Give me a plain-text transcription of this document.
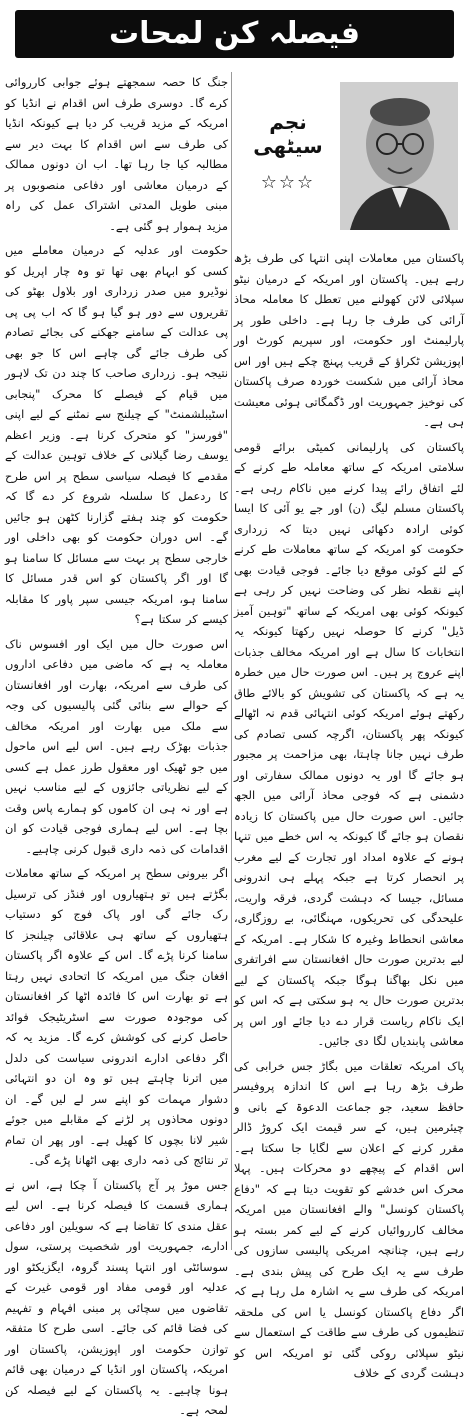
فیصلہ کن لمحات
نجم سیٹھی
☆☆☆

پاکستان میں معاملات اپنی انتہا کی طرف بڑھ رہے ہیں۔ پاکستان اور امریکہ کے درمیان نیٹو سپلائی لائن کھولنے میں تعطل کا معاملہ محاذ آرائی کی طرف جا رہا ہے۔ داخلی طور پر پارلیمنٹ اور حکومت، اور سپریم کورٹ اور اپوزیشن ٹکراؤ کے قریب پہنچ چکے ہیں اور اس محاذ آرائی میں شکست خوردہ صرف پاکستان کی نوخیز جمہوریت اور ڈگمگاتی ہوئی معیشت ہی ہے۔

پاکستان کی پارلیمانی کمیٹی برائے قومی سلامتی امریکہ کے ساتھ معاملہ طے کرنے کے لئے اتفاق رائے پیدا کرنے میں ناکام رہی ہے۔ پاکستان مسلم لیگ (ن) اور جے یو آئی کا ایسا کوئی ارادہ دکھائی نہیں دیتا کہ زرداری حکومت کو امریکہ کے ساتھ معاملات طے کرنے کے لئے کوئی موقع دیا جائے۔ فوجی قیادت بھی اپنے نقطہ نظر کی وضاحت نہیں کر رہی ہے کیونکہ کوئی بھی امریکہ کے ساتھ "توہین آمیز ڈیل" کرنے کا حوصلہ نہیں رکھتا کیونکہ یہ انتخابات کا سال ہے اور امریکہ مخالف جذبات اپنے عروج پر ہیں۔ اس صورت حال میں خطرہ یہ ہے کہ پاکستان کی تشویش کو بالائے طاق رکھتے ہوئے امریکہ کوئی انتہائی قدم نہ اٹھالے کیونکہ پھر پاکستان، اگرچہ کسی تصادم کی طرف نہیں جانا چاہتا، بھی مزاحمت پر مجبور ہو جائے گا اور یہ دونوں ممالک سفارتی اور دشمنی ہے کہ فوجی محاذ آرائی میں الجھ جائیں۔ اس صورت حال میں پاکستان کا زیادہ نقصان ہو جائے گا کیونکہ یہ اس خطے میں تنہا ہونے کے علاوہ امداد اور تجارت کے لیے مغرب پر انحصار کرتا ہے جبکہ پہلے ہی اندرونی مسائل، جیسا کہ دہشت گردی، فرقہ واریت، علیحدگی کی تحریکوں، مہنگائی، بے روزگاری، معاشی انحطاط وغیرہ کا شکار ہے۔ امریکہ کے لیے بدترین صورت حال افغانستان سے افراتفری میں نکل بھاگنا ہوگا جبکہ پاکستان کے لیے بدترین صورت حال یہ ہو سکتی ہے کہ اس کو ایک ناکام ریاست قرار دے دیا جائے اور اس پر معاشی پابندیاں لگا دی جائیں۔

پاک امریکہ تعلقات میں بگاڑ جس خرابی کی طرف بڑھ رہا ہے اس کا اندازہ پروفیسر حافظ سعید، جو جماعت الدعوۃ کے بانی و چیئرمین ہیں، کے سر قیمت ایک کروڑ ڈالر مقرر کرنے کے اعلان سے لگایا جا سکتا ہے۔ اس اقدام کے پیچھے دو محرکات ہیں۔ پہلا محرک اس خدشے کو تقویت دیتا ہے کہ "دفاع پاکستان کونسل" والے افغانستان میں امریکہ مخالف کارروائیاں کرنے کے لیے کمر بستہ ہو رہے ہیں، چنانچہ امریکی پالیسی سازوں کی طرف سے یہ ایک طرح کی پیش بندی ہے۔ امریکہ کی طرف سے یہ اشارہ مل رہا ہے کہ اگر دفاع پاکستان کونسل یا اس کی ملحقہ تنظیموں کی طرف سے طاقت کے استعمال سے نیٹو سپلائی روکی گئی تو امریکہ اس کو دہشت گردی کے خلاف

جنگ کا حصہ سمجھتے ہوئے جوابی کارروائی کرے گا۔ دوسری طرف اس اقدام نے انڈیا کو امریکہ کے مزید قریب کر دیا ہے کیونکہ انڈیا کی طرف سے اس اقدام کا بہت دیر سے مطالبہ کیا جا رہا تھا۔ اب ان دونوں ممالک کے درمیان معاشی اور دفاعی منصوبوں پر مبنی طویل المدتی اشتراک عمل کی راہ مزید ہموار ہو گئی ہے۔

حکومت اور عدلیہ کے درمیان معاملے میں کسی کو ابہام بھی تھا تو وہ چار اپریل کو نوڈیرو میں صدر زرداری اور بلاول بھٹو کی تقریروں سے دور ہو گیا ہو گا کہ اب پی پی پی عدالت کے سامنے جھکنے کی بجائے تصادم کی طرف جائے گی چاہے اس کا جو بھی نتیجہ ہو۔ زرداری صاحب کا چند دن تک لاہور میں قیام کے فیصلے کا محرک "پنجابی اسٹیبلشمنٹ" کے چیلنج سے نمٹنے کے لیے اپنی "فورسز" کو متحرک کرنا ہے۔ وزیر اعظم یوسف رضا گیلانی کے خلاف توہین عدالت کے مقدمے کا فیصلہ سیاسی سطح پر اس طرح کا ردعمل کا سلسلہ شروع کر دے گا کہ حکومت کو چند ہفتے گزارنا کٹھن ہو جائیں گے۔ اس دوران حکومت کو بھی داخلی اور خارجی سطح پر بہت سے مسائل کا سامنا ہو گا اور اگر پاکستان کو اس قدر مسائل کا سامنا ہو، امریکہ جیسی سپر پاور کا مقابلہ کیسے کر سکتا ہے؟

اس صورت حال میں ایک اور افسوس ناک معاملہ یہ ہے کہ ماضی میں دفاعی اداروں کی طرف سے امریکہ، بھارت اور افغانستان کے حوالے سے بنائی گئی پالیسیوں کی وجہ سے ملک میں بھارت اور امریکہ مخالف جذبات بھڑک رہے ہیں۔ اس لیے اس ماحول میں جو ٹھیک اور معقول طرز عمل ہے کسی کے لیے نظریاتی جائزوں کے لیے مناسب نہیں ہے اور نہ ہی ان کاموں کو ہمارے پاس وقت بچا ہے۔ اس لیے ہماری فوجی قیادت کو ان اقدامات کی ذمہ داری قبول کرنی چاہیے۔

اگر بیرونی سطح پر امریکہ کے ساتھ معاملات بگڑتے ہیں تو ہتھیاروں اور فنڈز کی ترسیل رک جائے گی اور پاک فوج کو دستیاب ہتھیاروں کے ساتھ ہی علاقائی چیلنجز کا سامنا کرنا پڑے گا۔ اس کے علاوہ اگر پاکستان افغان جنگ میں امریکہ کا اتحادی نہیں رہتا ہے تو بھارت اس کا فائدہ اٹھا کر افغانستان کی موجودہ صورت سے اسٹریٹیجک فوائد حاصل کرنے کی کوشش کرے گا۔ مزید یہ کہ اگر دفاعی ادارے اندرونی سیاست کی دلدل میں اترنا چاہتے ہیں تو وہ ان دو انتہائی دشوار مہمات کو اپنے سر لے لیں گے۔ ان دونوں محاذوں پر لڑنے کے مقابلے میں جوئے شیر لانا بچوں کا کھیل ہے۔ اور پھر ان تمام تر نتائج کی ذمہ داری بھی اٹھانا پڑے گی۔

جس موڑ پر آج پاکستان آ چکا ہے، اس نے ہماری قسمت کا فیصلہ کرنا ہے۔ اس لیے عقل مندی کا تقاضا ہے کہ سویلین اور دفاعی ادارے، جمہوریت اور شخصیت پرستی، سول سوسائٹی اور انتہا پسند گروہ، ایگزیکٹو اور عدلیہ اور قومی مفاد اور قومی غیرت کے تقاضوں میں سچائی پر مبنی افہام و تفہیم کی فضا قائم کی جائے۔ اسی طرح کا متفقہ توازن حکومت اور اپوزیشن، پاکستان اور امریکہ، پاکستان اور انڈیا کے درمیان بھی قائم ہونا چاہیے۔ یہ پاکستان کے لیے فیصلہ کن لمحہ ہے۔
